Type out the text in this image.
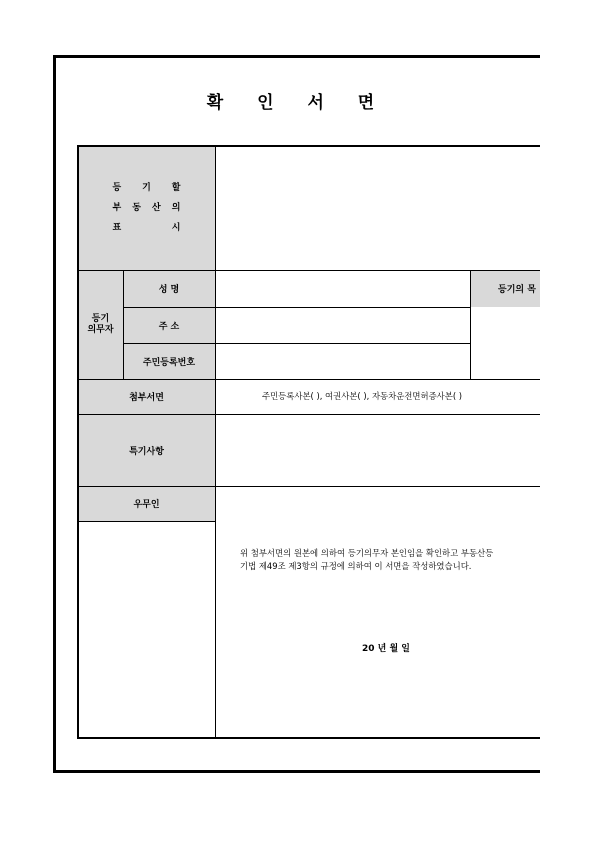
확 인 서 면
등 기 할
부 동 산 의
표	시
등기
의무자
성 명
주 소
주민등록번호
등기의 목
첨부서면	주민등록사본( ), 여권사본( ), 자동차운전면허증사본( )
특기사항
우무인
위 첨부서면의 원본에 의하여 등기의무자 본인임을 확인하고 부동산등
기법 제49조 제3항의 규정에 의하여 이 서면을 작성하였습니다.
20 년 월 일
